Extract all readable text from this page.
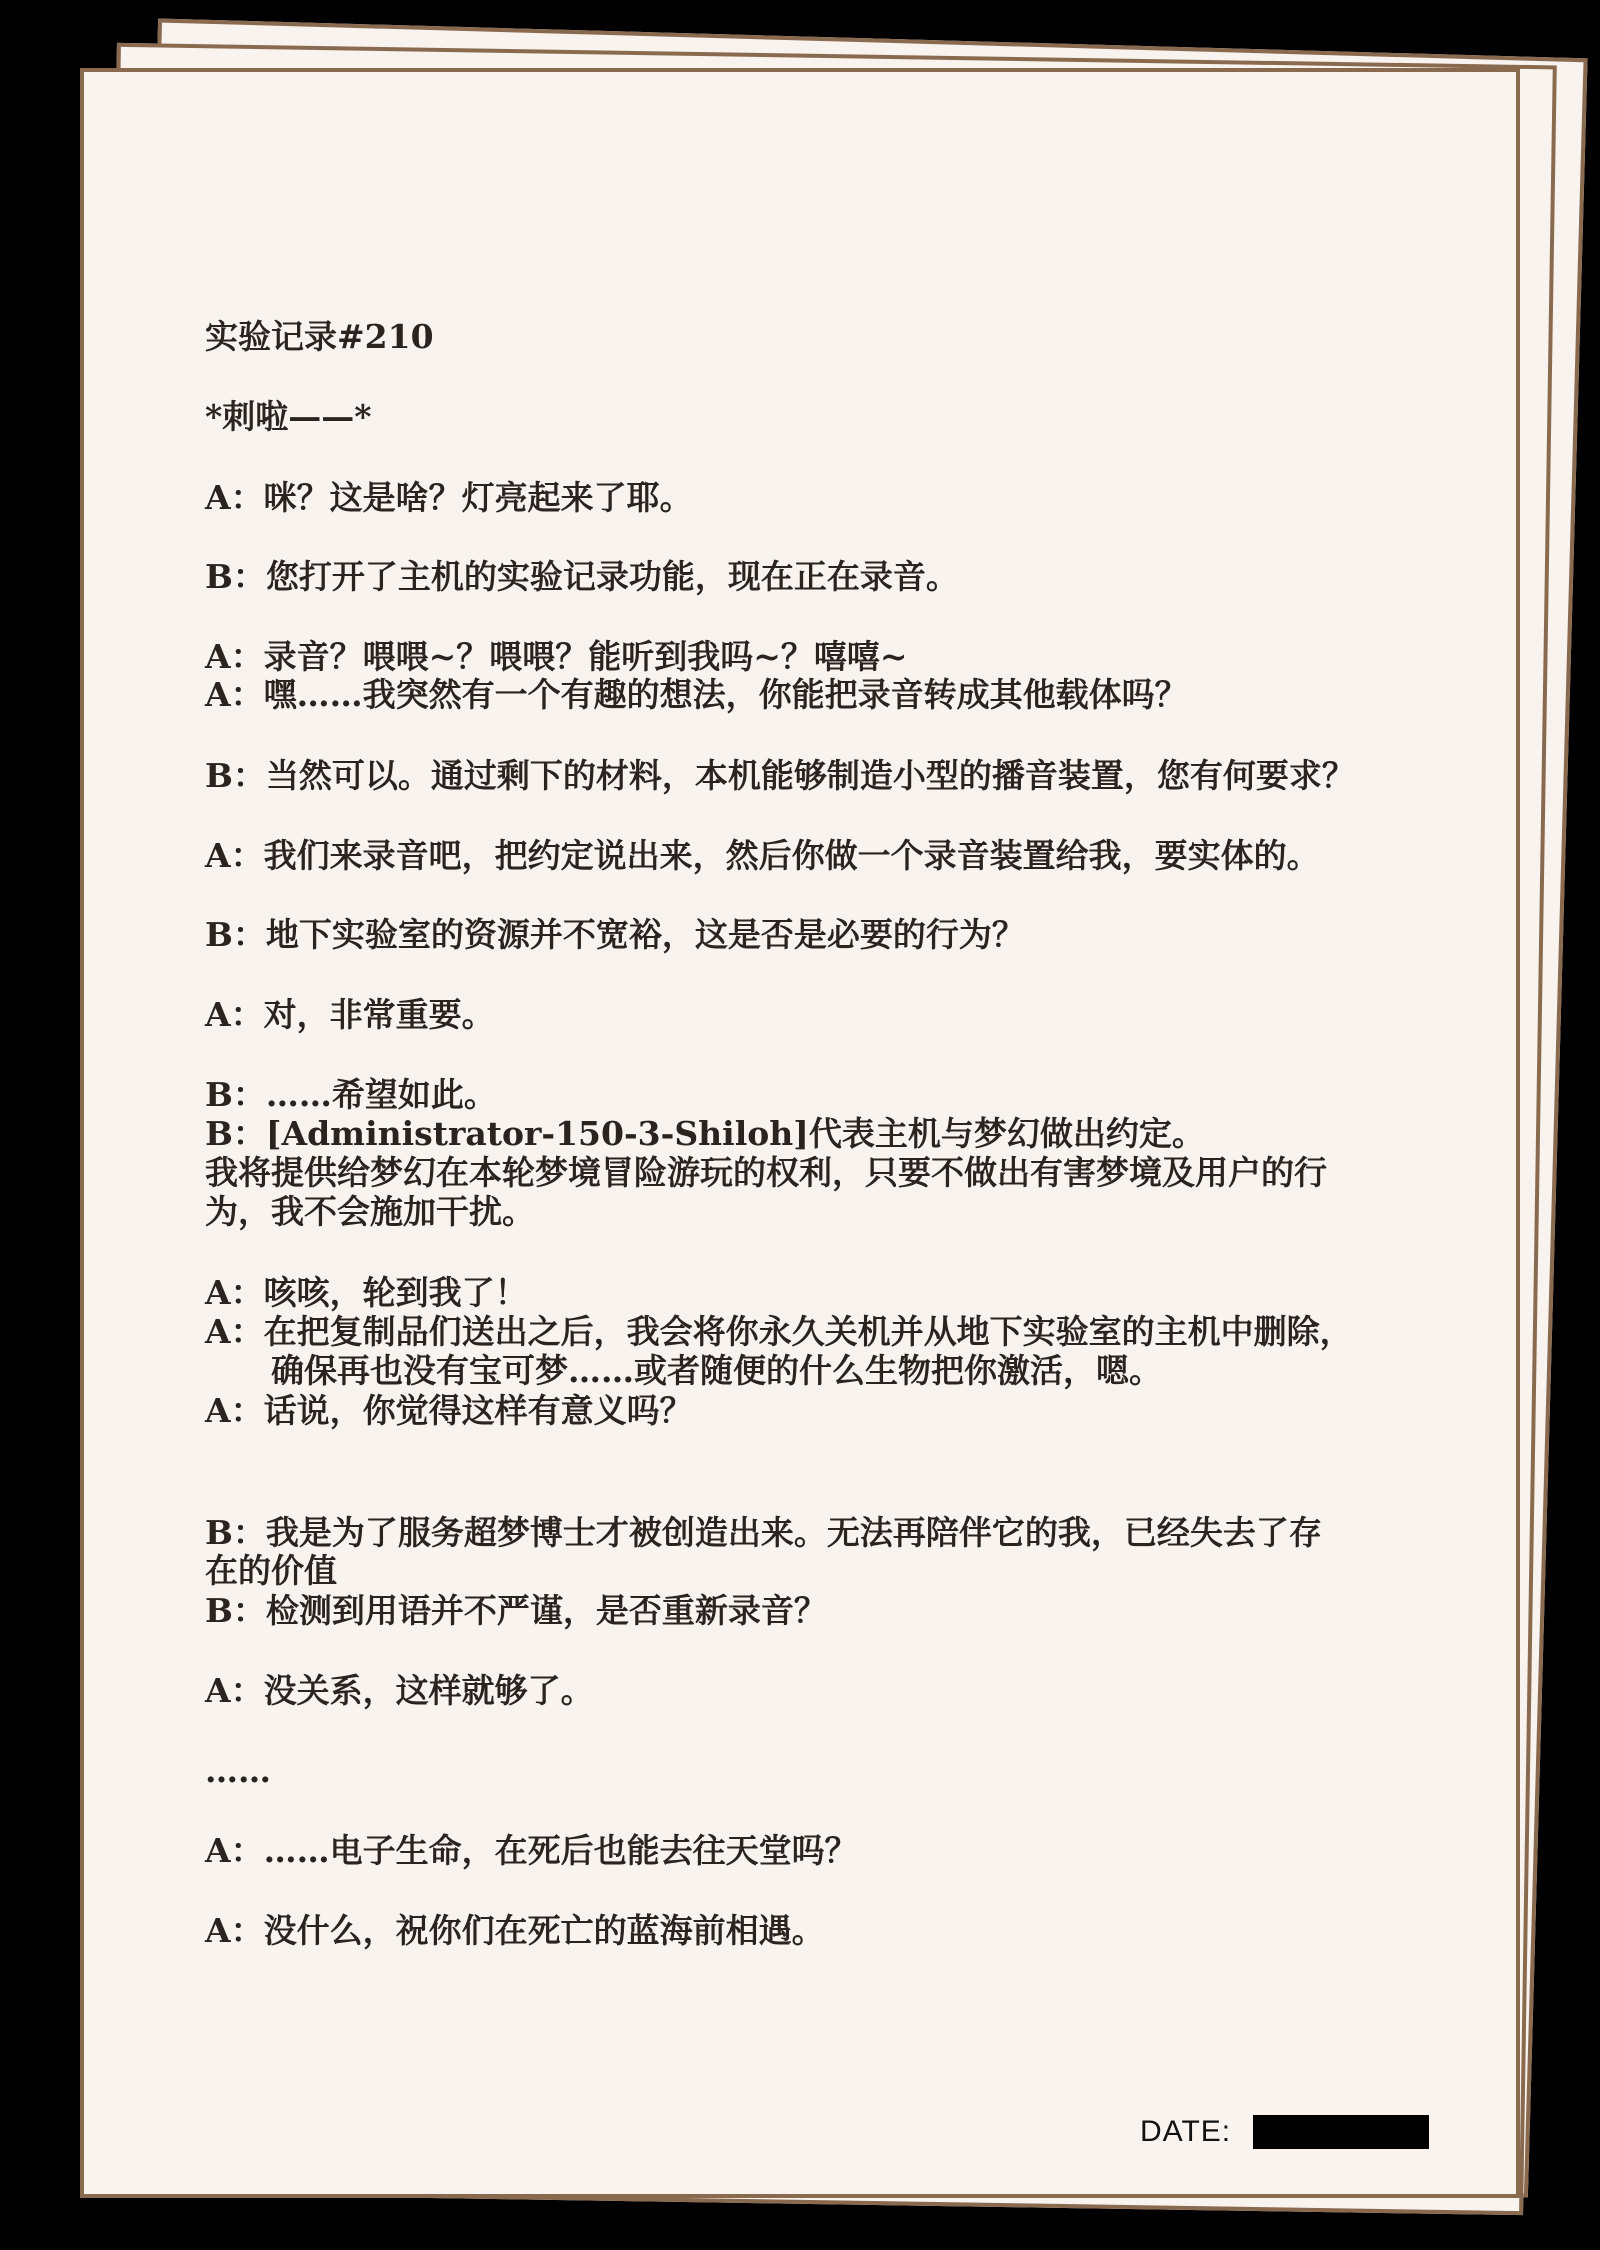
实验记录#210
*刺啦——*
A：咪？这是啥？灯亮起来了耶。
B：您打开了主机的实验记录功能，现在正在录音。
A：录音？喂喂~？喂喂？能听到我吗~？嘻嘻~
A：嘿……我突然有一个有趣的想法，你能把录音转成其他载体吗？
B：当然可以。通过剩下的材料，本机能够制造小型的播音装置，您有何要求？
A：我们来录音吧，把约定说出来，然后你做一个录音装置给我，要实体的。
B：地下实验室的资源并不宽裕，这是否是必要的行为？
A：对，非常重要。
B：……希望如此。
B：[Administrator-150-3-Shiloh]代表主机与梦幻做出约定。
我将提供给梦幻在本轮梦境冒险游玩的权利，只要不做出有害梦境及用户的行
为，我不会施加干扰。
A：咳咳，轮到我了！
A：在把复制品们送出之后，我会将你永久关机并从地下实验室的主机中删除，
　　确保再也没有宝可梦……或者随便的什么生物把你激活，嗯。
A：话说，你觉得这样有意义吗？
B：我是为了服务超梦博士才被创造出来。无法再陪伴它的我，已经失去了存
在的价值
B：检测到用语并不严谨，是否重新录音？
A：没关系，这样就够了。
……
A：……电子生命，在死后也能去往天堂吗？
A：没什么，祝你们在死亡的蓝海前相遇。
DATE:
